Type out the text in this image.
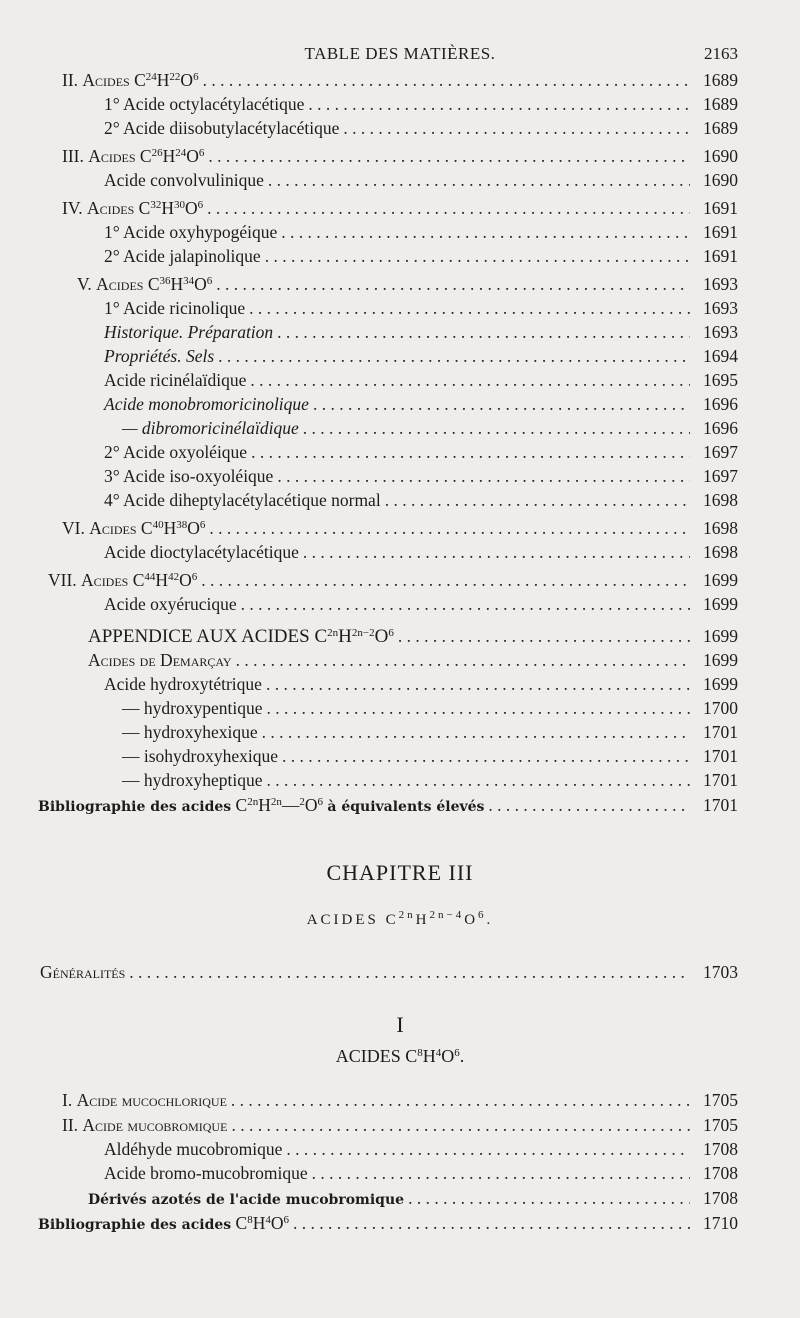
TABLE DES MATIÈRES.	2163
II. Acides $C^{24}H^{22}O^6$ . . .	1689
1° Acide octylacétylacétique . . .	1689
2° Acide diisobutylacétylacétique . . .	1689
III. Acides $C^{26}H^{24}O^6$ . . .	1690
Acide convolvulinique . . .	1690
IV. Acides $C^{32}H^{30}O^6$ . . .	1691
1° Acide oxyhypogéique . . .	1691
2° Acide jalapinolique . . .	1691
V. Acides $C^{36}H^{34}O^6$ . . .	1693
1° Acide ricinolique . . .	1693
Historique. Préparation . . .	1693
Propriétés. Sels . . .	1694
Acide ricinélaïdique . . .	1695
Acide monobromoricinolique . . .	1696
— dibromoricinélaïdique . . .	1696
2° Acide oxyoléique . . .	1697
3° Acide iso-oxyoléique . . .	1697
4° Acide diheptylacétylacétique normal . . .	1698
VI. Acides $C^{40}H^{38}O^6$ . . .	1698
Acide dioctylacétylacétique . . .	1698
VII. Acides $C^{44}H^{42}O^6$ . . .	1699
Acide oxyérucique . . .	1699
APPENDICE AUX ACIDES $C^{2n}H^{2n-2}O^6$ . . .	1699
Acides de Demarçay . . .	1699
Acide hydroxytétrique . . .	1699
— hydroxypentique . . .	1700
— hydroxyhexique . . .	1701
— isohydroxyhexique . . .	1701
— hydroxyheptique . . .	1701
Bibliographie des acides $C^{2n}H^{2n}—^2O^6$ à équivalents élevés . . .	1701
CHAPITRE III
ACIDES $C^{2n}H^{2n-4}O^6$.
Généralités . . .	1703
I
ACIDES $C^8H^4O^6$.
I. Acide mucochlorique . . .	1705
II. Acide mucobromique . . .	1705
Aldéhyde mucobromique . . .	1708
Acide bromo-mucobromique . . .	1708
Dérivés azotés de l'acide mucobromique . . .	1708
Bibliographie des acides $C^8H^4O^6$ . . .	1710
